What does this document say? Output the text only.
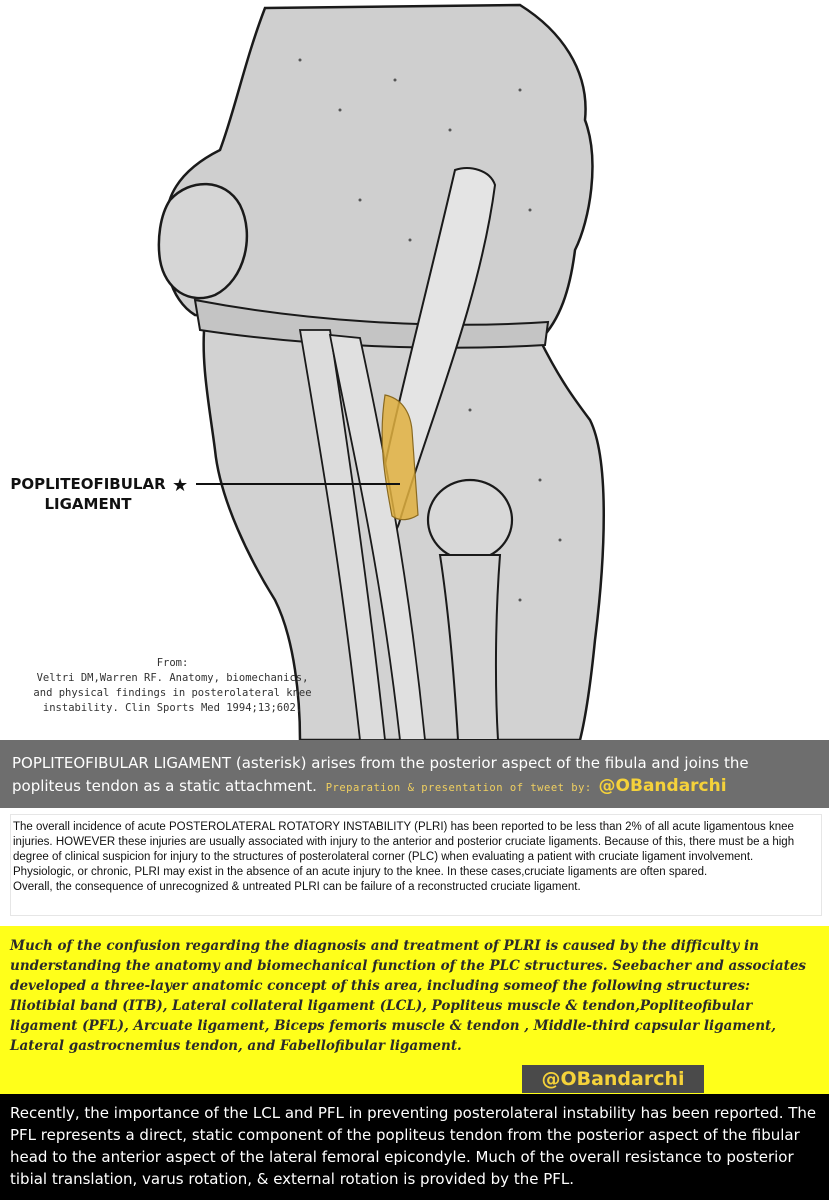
★
POPLITEOFIBULAR
LIGAMENT
From:
Veltri DM,Warren RF. Anatomy, biomechanics,
and physical findings in posterolateral knee
instability. Clin Sports Med 1994;13;602,
POPLITEOFIBULAR LIGAMENT (asterisk) arises from the posterior aspect of the fibula and joins the popliteus tendon as a static attachment. Preparation & presentation of tweet by: @OBandarchi

The overall incidence of acute POSTEROLATERAL ROTATORY INSTABILITY (PLRI) has been reported to be less than 2% of all acute ligamentous knee injuries. HOWEVER these injuries are usually associated with injury to the anterior and posterior cruciate ligaments. Because of this, there must be a high degree of clinical suspicion for injury to the structures of posterolateral corner (PLC) when evaluating a patient with cruciate ligament involvement.

Physiologic, or chronic, PLRI may exist in the absence of an acute injury to the knee. In these cases,cruciate ligaments are often spared.

Overall, the consequence of unrecognized & untreated PLRI can be failure of a reconstructed cruciate ligament.

Much of the confusion regarding the diagnosis and treatment of PLRI is caused by the difficulty in understanding the anatomy and biomechanical function of the PLC structures. Seebacher and associates developed a three-layer anatomic concept of this area, including someof the following structures:

Iliotibial band (ITB), Lateral collateral ligament (LCL), Popliteus muscle & tendon,Popliteofibular ligament (PFL), Arcuate ligament, Biceps femoris muscle & tendon , Middle-third capsular ligament, Lateral gastrocnemius tendon, and Fabellofibular ligament.

@OBandarchi

Recently, the importance of the LCL and PFL in preventing posterolateral instability has been reported. The PFL represents a direct, static component of the popliteus tendon from the posterior aspect of the fibular head to the anterior aspect of the lateral femoral epicondyle. Much of the overall resistance to posterior tibial translation, varus rotation, & external rotation is provided by the PFL.
